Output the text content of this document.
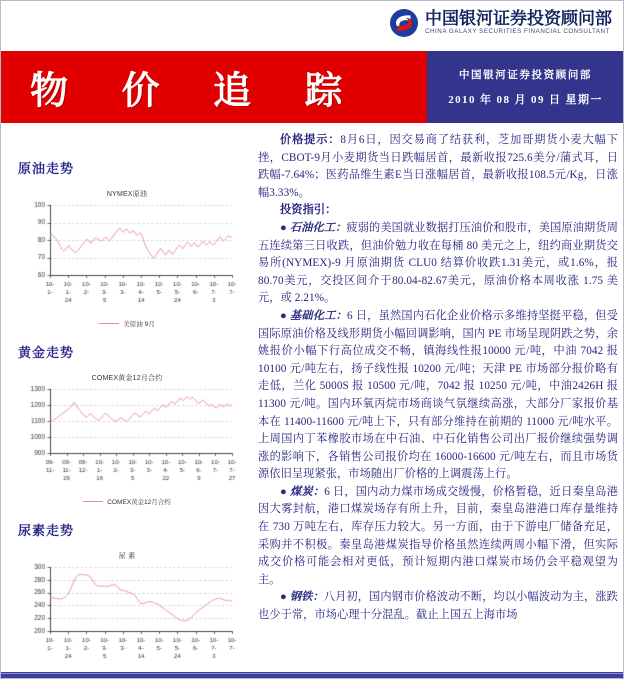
中国银河证券投资顾问部
CHINA GALAXY SECURITIES FINANCIAL CONSULTANT
物 价 追 踪	中国银河证券投资顾问部
2010 年 08 月 09 日 星期一
原油走势
NYMEX原油
美原油 9月
黄金走势
COMEX黄金12月合约
COMEX黄金12月合约
尿素走势
尿 素

价格提示：8月6日，因交易商了结获利，芝加哥期货小麦大幅下挫，CBOT-9月小麦期货当日跌幅居首，最新收报725.6美分/蒲式耳，日跌幅-7.64%；医药品维生素E当日涨幅居首，最新收报108.5元/Kg，日涨幅3.33%。

投资指引：

● 石油化工：疲弱的美国就业数据打压油价和股市，美国原油期货周五连续第三日收跌，但油价勉力收在每桶 80 美元之上，纽约商业期货交易所(NYMEX)-9 月原油期货 CLU0 结算价收跌1.31美元，或1.6%，报80.70美元，交投区间介于80.04-82.67美元，原油价格本周收涨 1.75 美元，或 2.21%。

● 基础化工：6 日，虽然国内石化企业价格示多维持坚挺平稳，但受国际原油价格及线形期货小幅回调影响，国内 PE 市场呈现阴跌之势，余姚报价小幅下行高位成交不畅，镇海线性报10000 元/吨，中油 7042 报 10100 元/吨左右，扬子线性报 10200 元/吨；天津 PE 市场部分报价略有走低，兰化 5000S 报 10500 元/吨，7042 报 10250 元/吨，中油2426H 报 11300 元/吨。国内环氧丙烷市场商谈气氛继续高涨，大部分厂家报价基本在 11400-11600 元/吨上下，只有部分维持在前期的 11000 元/吨水平。上周国内丁苯橡胶市场在中石油、中石化销售公司出厂报价继续强势调涨的影响下，各销售公司报价均在 16000-16600 元/吨左右，而且市场货源依旧呈现紧张，市场随出厂价格的上调震荡上行。

● 煤炭：6 日，国内动力煤市场成交缓慢，价格暂稳，近日秦皇岛港因大雾封航，港口煤炭场存有所上升，目前，秦皇岛港港口库存量维持在 730 万吨左右，库存压力较大。另一方面，由于下游电厂储备充足，采购并不积极。秦皇岛港煤炭指导价格虽然连续两周小幅下滑，但实际成交价格可能会相对更低，预计短期内港口煤炭市场仍会平稳观望为主。

● 钢铁：八月初，国内钢市价格波动不断，均以小幅波动为主，涨跌也少于常，市场心理十分混乱。截止上国五上海市场
